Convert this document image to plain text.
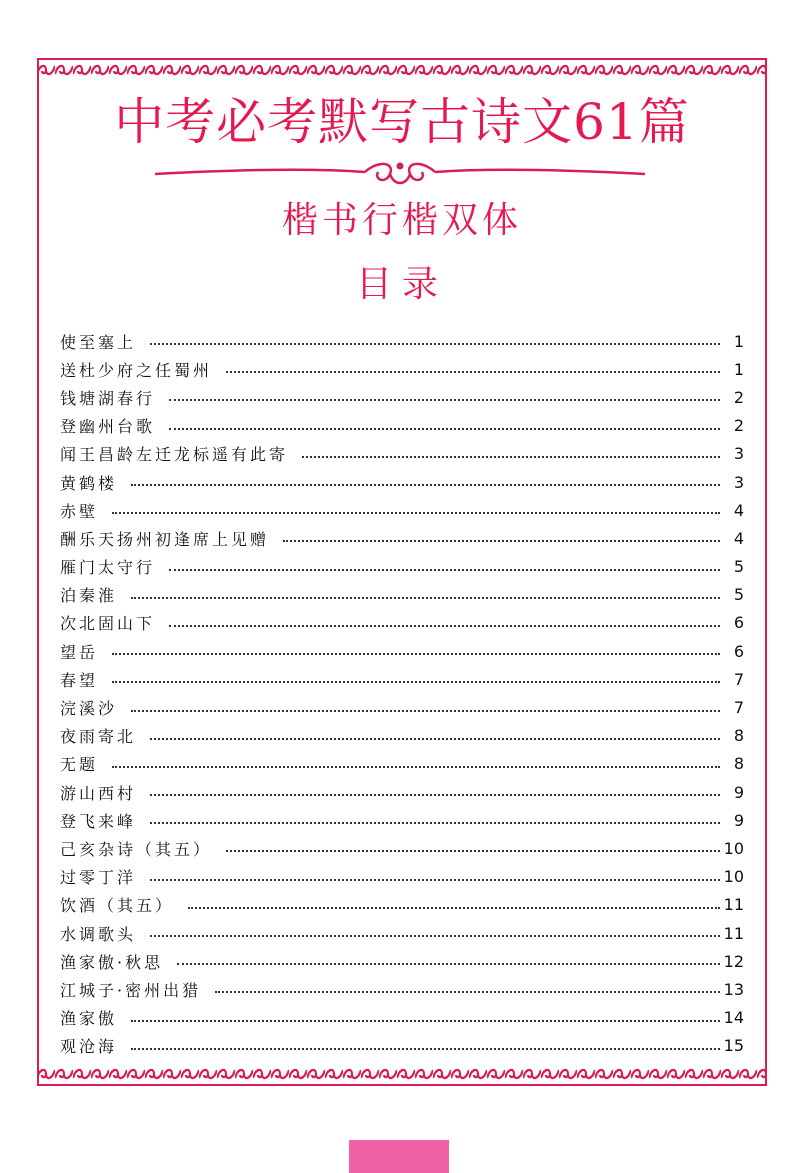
中考必考默写古诗文61篇
楷书行楷双体
目录
使至塞上	1
送杜少府之任蜀州	1
钱塘湖春行	2
登幽州台歌	2
闻王昌龄左迁龙标遥有此寄	3
黄鹤楼	3
赤壁	4
酬乐天扬州初逢席上见赠	4
雁门太守行	5
泊秦淮	5
次北固山下	6
望岳	6
春望	7
浣溪沙	7
夜雨寄北	8
无题	8
游山西村	9
登飞来峰	9
己亥杂诗（其五）	10
过零丁洋	10
饮酒（其五）	11
水调歌头	11
渔家傲·秋思	12
江城子·密州出猎	13
渔家傲	14
观沧海	15
